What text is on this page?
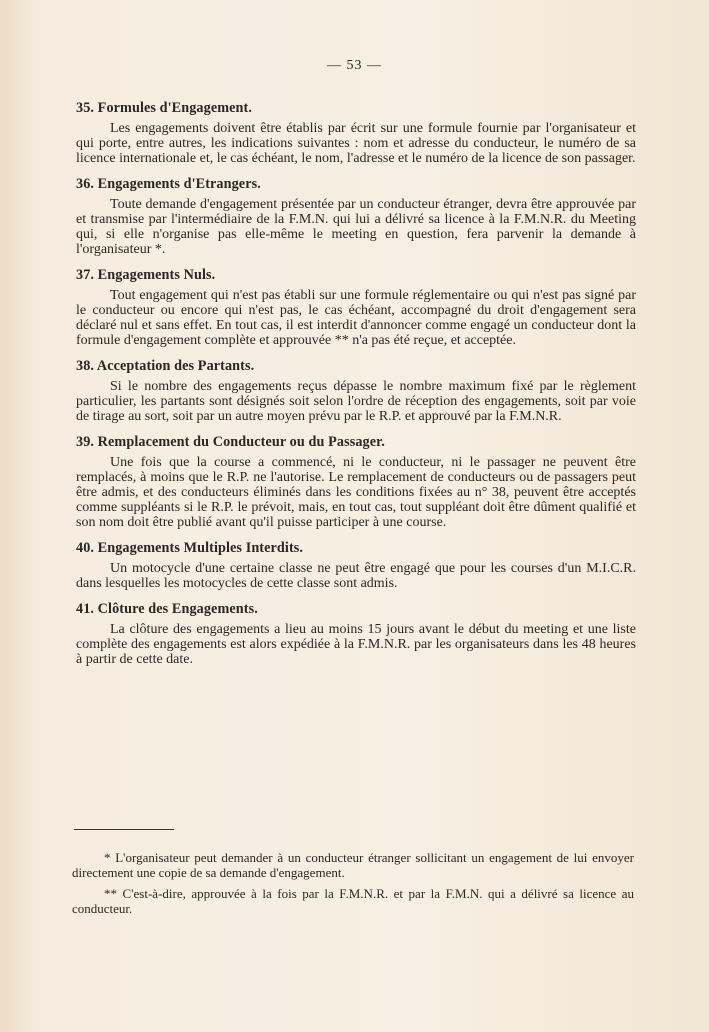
— 53 —

35. Formules d'Engagement.

Les engagements doivent être établis par écrit sur une formule fournie par l'organisateur et qui porte, entre autres, les indications suivantes : nom et adresse du conducteur, le numéro de sa licence internationale et, le cas échéant, le nom, l'adresse et le numéro de la licence de son passager.

36. Engagements d'Etrangers.

Toute demande d'engagement présentée par un conducteur étranger, devra être approuvée par et transmise par l'intermédiaire de la F.M.N. qui lui a délivré sa licence à la F.M.N.R. du Meeting qui, si elle n'organise pas elle-même le meeting en question, fera parvenir la demande à l'organisateur *.

37. Engagements Nuls.

Tout engagement qui n'est pas établi sur une formule réglementaire ou qui n'est pas signé par le conducteur ou encore qui n'est pas, le cas échéant, accompagné du droit d'engagement sera déclaré nul et sans effet. En tout cas, il est interdit d'annoncer comme engagé un conducteur dont la formule d'engagement complète et approuvée ** n'a pas été reçue, et acceptée.

38. Acceptation des Partants.

Si le nombre des engagements reçus dépasse le nombre maximum fixé par le règlement particulier, les partants sont désignés soit selon l'ordre de réception des engagements, soit par voie de tirage au sort, soit par un autre moyen prévu par le R.P. et approuvé par la F.M.N.R.

39. Remplacement du Conducteur ou du Passager.

Une fois que la course a commencé, ni le conducteur, ni le passager ne peuvent être remplacés, à moins que le R.P. ne l'autorise. Le remplacement de conducteurs ou de passagers peut être admis, et des conducteurs éliminés dans les conditions fixées au n° 38, peuvent être acceptés comme suppléants si le R.P. le prévoit, mais, en tout cas, tout suppléant doit être dûment qualifié et son nom doit être publié avant qu'il puisse participer à une course.

40. Engagements Multiples Interdits.

Un motocycle d'une certaine classe ne peut être engagé que pour les courses d'un M.I.C.R. dans lesquelles les motocycles de cette classe sont admis.

41. Clôture des Engagements.

La clôture des engagements a lieu au moins 15 jours avant le début du meeting et une liste complète des engagements est alors expédiée à la F.M.N.R. par les organisateurs dans les 48 heures à partir de cette date.

* L'organisateur peut demander à un conducteur étranger sollicitant un engagement de lui envoyer directement une copie de sa demande d'engagement.

** C'est-à-dire, approuvée à la fois par la F.M.N.R. et par la F.M.N. qui a délivré sa licence au conducteur.
